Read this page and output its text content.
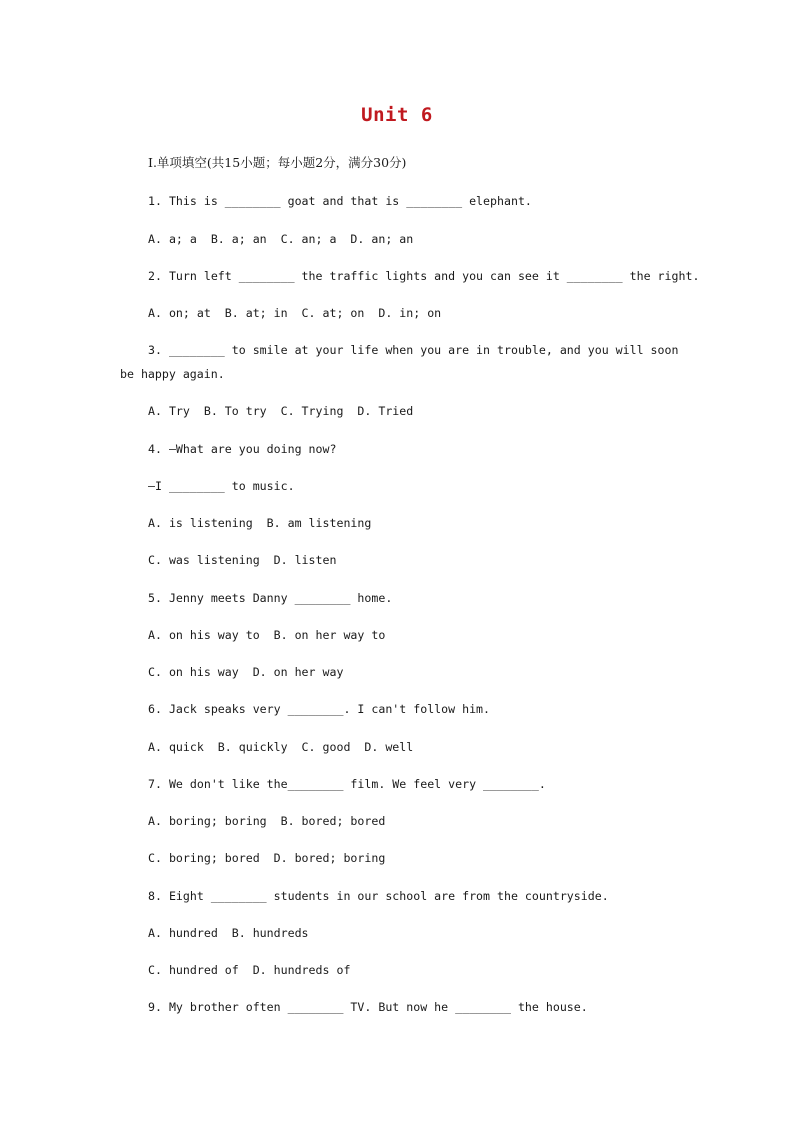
Unit 6
Ⅰ.单项填空(共15小题；每小题2分，满分30分)
1. This is ________ goat and that is ________ elephant.
A. a; a  B. a; an  C. an; a  D. an; an
2. Turn left ________ the traffic lights and you can see it ________ the right.
A. on; at  B. at; in  C. at; on  D. in; on
3. ________ to smile at your life when you are in trouble, and you will soon
be happy again.
A. Try  B. To try  C. Trying  D. Tried
4. —What are you doing now?
—I ________ to music.
A. is listening  B. am listening
C. was listening  D. listen
5. Jenny meets Danny ________ home.
A. on his way to  B. on her way to
C. on his way  D. on her way
6. Jack speaks very ________. I can't follow him.
A. quick  B. quickly  C. good  D. well
7. We don't like the________ film. We feel very ________.
A. boring; boring  B. bored; bored
C. boring; bored  D. bored; boring
8. Eight ________ students in our school are from the countryside.
A. hundred  B. hundreds
C. hundred of  D. hundreds of
9. My brother often ________ TV. But now he ________ the house.
